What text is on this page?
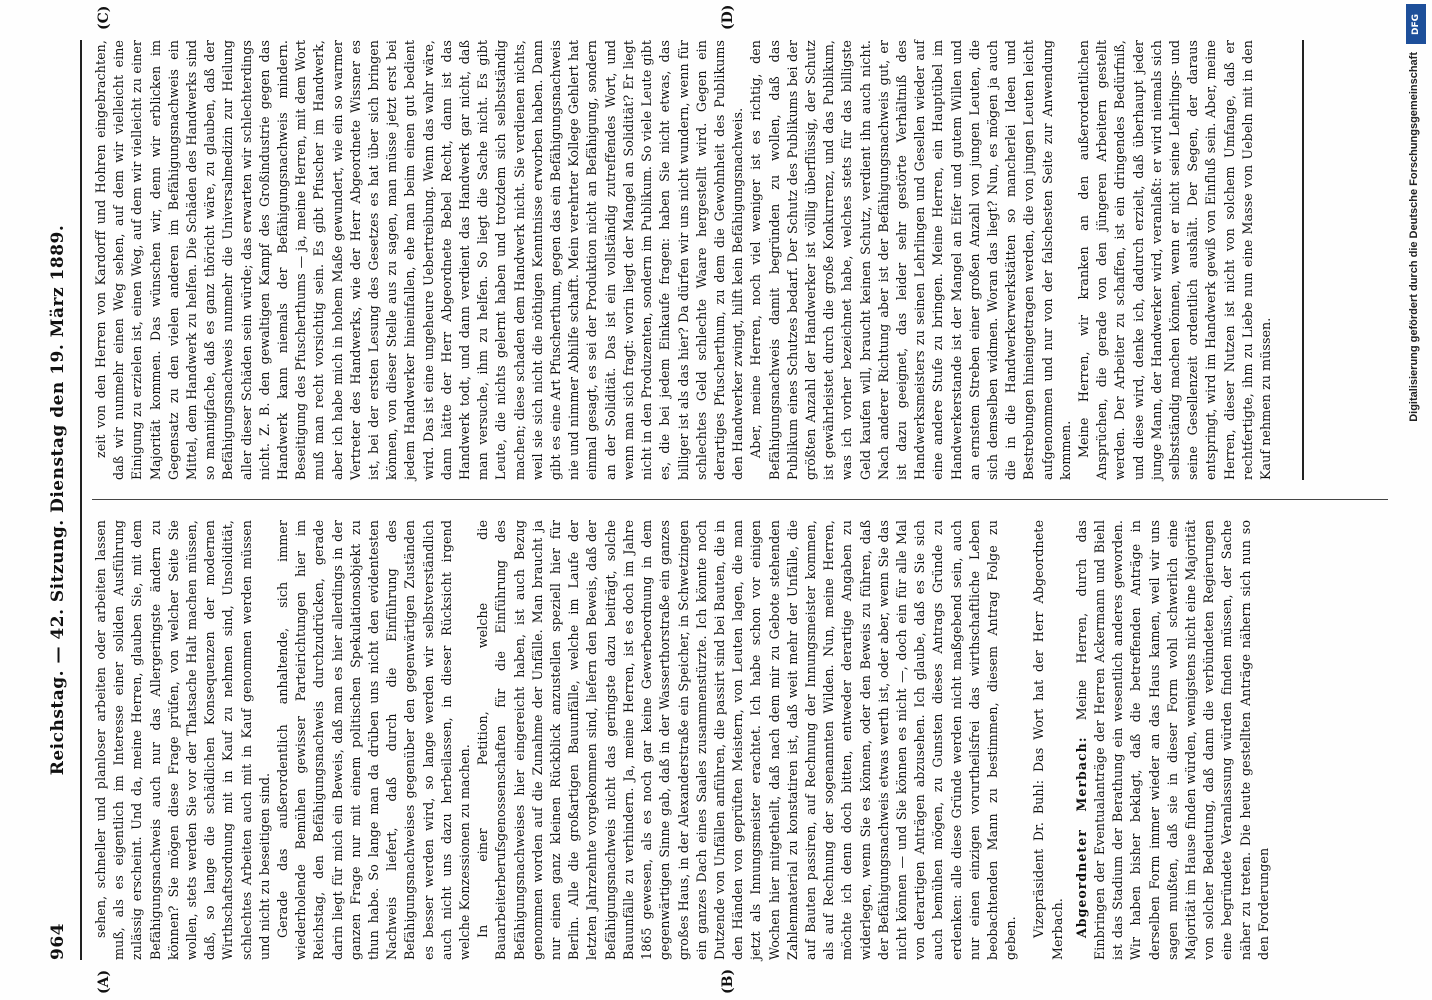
964
Reichstag. — 42. Sitzung. Dienstag den 19. März 1889.
(A)	(B)
(C)	(D)

sehen, schneller und planloser arbeiten oder arbeiten lassen muß, als es eigentlich im Interesse einer soliden Ausführung zulässig erscheint. Und da, meine Herren, glauben Sie, mit dem Befähigungsnachweis auch nur das Allergeringste ändern zu können? Sie mögen diese Frage prüfen, von welcher Seite Sie wollen, stets werden Sie vor der Thatsache Halt machen müssen, daß, so lange die schädlichen Konsequenzen der modernen Wirthschaftsordnung mit in Kauf zu nehmen sind, Unsolidität, schlechtes Arbeiten auch mit in Kauf genommen werden müssen und nicht zu beseitigen sind. Gerade das außerordentlich anhaltende, sich immer wiederholende Bemühen gewisser Parteirichtungen hier im Reichstag, den Befähigungsnachweis durchzudrücken, gerade darin liegt für mich ein Beweis, daß man es hier allerdings in der ganzen Frage nur mit einem politischen Spekulationsobjekt zu thun habe. So lange man da drüben uns nicht den evidentesten Nachweis liefert, daß durch die Einführung des Befähigungsnachweises gegenüber den gegenwärtigen Zuständen es besser werden wird, so lange werden wir selbstverständlich auch nicht uns dazu herbeilassen, in dieser Rücksicht irgend welche Konzessionen zu machen. In einer Petition, welche die Bauarbeiterberufsgenossenschaften für die Einführung des Befähigungsnachweises hier eingereicht haben, ist auch Bezug genommen worden auf die Zunahme der Unfälle. Man braucht ja nur einen ganz kleinen Rückblick anzustellen speziell hier für Berlin. Alle die großartigen Bauunfälle, welche im Laufe der letzten Jahrzehnte vorgekommen sind, liefern den Beweis, daß der Befähigungsnachweis nicht das geringste dazu beiträgt, solche Bauunfälle zu verhindern. Ja, meine Herren, ist es doch im Jahre 1865 gewesen, als es noch gar keine Gewerbeordnung in dem gegenwärtigen Sinne gab, daß in der Wasserthorstraße ein ganzes großes Haus, in der Alexanderstraße ein Speicher, in Schwetzingen ein ganzes Dach eines Saales zusammenstürzte. Ich könnte noch Dutzende von Unfällen anführen, die passirt sind bei Bauten, die in den Händen von geprüften Meistern, von Leuten lagen, die man jetzt als Innungsmeister erachtet. Ich habe schon vor einigen Wochen hier mitgetheilt, daß nach dem mir zu Gebote stehenden Zahlenmaterial zu konstatiren ist, daß weit mehr der Unfälle, die auf Bauten passiren, auf Rechnung der Innungsmeister kommen, als auf Rechnung der sogenannten Wilden. Nun, meine Herren, möchte ich denn doch bitten, entweder derartige Angaben zu widerlegen, wenn Sie es können, oder den Beweis zu führen, daß der Befähigungsnachweis etwas werth ist, oder aber, wenn Sie das nicht können — und Sie können es nicht —, doch ein für alle Mal von derartigen Anträgen abzusehen. Ich glaube, daß es Sie sich auch bemühen mögen, zu Gunsten dieses Antrags Gründe zu erdenken: alle diese Gründe werden nicht maßgebend sein, auch nur einen einzigen vorurtheilsfrei das wirthschaftliche Leben beobachtenden Mann zu bestimmen, diesem Antrag Folge zu geben.

Vizepräsident Dr. Buhl: Das Wort hat der Herr Abgeordnete Merbach. Abgeordneter Merbach: Meine Herren, durch das Einbringen der Eventualanträge der Herren Ackermann und Biehl ist das Stadium der Berathung ein wesentlich anderes geworden. Wir haben bisher beklagt, daß die betreffenden Anträge in derselben Form immer wieder an das Haus kamen, weil wir uns sagen mußten, daß sie in dieser Form wohl schwerlich eine Majorität im Hause finden würden, wenigstens nicht eine Majorität von solcher Bedeutung, daß dann die verbündeten Regierungen eine begründete Veranlassung würden finden müssen, der Sache näher zu treten. Die heute gestellten Anträge nähern sich nun so den Forderungen

zeit von den Herren von Kardorff und Hohren eingebrachten, daß wir nunmehr einen Weg sehen, auf dem wir vielleicht eine Einigung zu erzielen ist, einen Weg, auf dem wir vielleicht zu einer Majorität kommen. Das wünschen wir, denn wir erblicken im Gegensatz zu den vielen anderen im Befähigungsnachweis ein Mittel, dem Handwerk zu helfen. Die Schäden des Handwerks sind so mannigfache, daß es ganz thöricht wäre, zu glauben, daß der Befähigungsnachweis nunmehr die Universalmedizin zur Heilung aller dieser Schäden sein würde; das erwarten wir schlechterdings nicht. Z. B. den gewaltigen Kampf des Großindustrie gegen das Handwerk kann niemals der Befähigungsnachweis mindern. Beseitigung des Pfuscherthums — ja, meine Herren, mit dem Wort muß man recht vorsichtig sein. Es gibt Pfuscher im Handwerk, aber ich habe mich in hohem Maße gewundert, wie ein so warmer Vertreter des Handwerks, wie der Herr Abgeordnete Wissner es ist, bei der ersten Lesung des Gesetzes es hat über sich bringen können, von dieser Stelle aus zu sagen, man müsse jetzt erst bei jedem Handwerker hineinfallen, ehe man beim einen gut bedient wird. Das ist eine ungeheure Uebertreibung. Wenn das wahr wäre, dann hätte der Herr Abgeordnete Bebel Recht, dann ist das Handwerk todt, und dann verdient das Handwerk gar nicht, daß man versuche, ihm zu helfen. So liegt die Sache nicht. Es gibt Leute, die nichts gelernt haben und trotzdem sich selbstständig machen; diese schaden dem Handwerk nicht. Sie verdienen nichts, weil sie sich nicht die nöthigen Kenntnisse erworben haben. Dann gibt es eine Art Pfuscherthum, gegen das ein Befähigungsnachweis nie und nimmer Abhilfe schafft. Mein verehrter Kollege Gehlert hat einmal gesagt, es sei der Produktion nicht an Befähigung, sondern an der Solidität. Das ist ein vollständig zutreffendes Wort, und wenn man sich fragt: worin liegt der Mangel an Solidität? Er liegt nicht in den Produzenten, sondern im Publikum. So viele Leute gibt es, die bei jedem Einkaufe fragen: haben Sie nicht etwas, das billiger ist als das hier? Da dürfen wir uns nicht wundern, wenn für schlechtes Geld schlechte Waare hergestellt wird. Gegen ein derartiges Pfuscherthum, zu dem die Gewohnheit des Publikums den Handwerker zwingt, hilft kein Befähigungsnachweis. Aber, meine Herren, noch viel weniger ist es richtig, den Befähigungsnachweis damit begründen zu wollen, daß das Publikum eines Schutzes bedarf. Der Schutz des Publikums bei der größten Anzahl der Handwerker ist völlig überflüssig, der Schutz ist gewährleistet durch die große Konkurrenz, und das Publikum, was ich vorher bezeichnet habe, welches stets für das billigste Geld kaufen will, braucht keinen Schutz, verdient ihn auch nicht. Nach anderer Richtung aber ist der Befähigungsnachweis gut, er ist dazu geeignet, das leider sehr gestörte Verhältniß des Handwerksmeisters zu seinen Lehrlingen und Gesellen wieder auf eine andere Stufe zu bringen. Meine Herren, ein Hauptübel im Handwerkerstande ist der Mangel an Eifer und gutem Willen und an ernstem Streben einer großen Anzahl von jungen Leuten, die sich demselben widmen. Woran das liegt? Nun, es mögen ja auch die in die Handwerkerwerkstätten so mancherlei Ideen und Bestrebungen hineingetragen werden, die von jungen Leuten leicht aufgenommen und nur von der falschesten Seite zur Anwendung kommen. Meine Herren, wir kranken an den außerordentlichen Ansprüchen, die gerade von den jüngeren Arbeitern gestellt werden. Der Arbeiter zu schaffen, ist ein dringendes Bedürfniß, und diese wird, denke ich, dadurch erzielt, daß überhaupt jeder junge Mann, der Handwerker wird, veranlaßt: er wird niemals sich selbstständig machen können, wenn er nicht seine Lehrlings- und seine Gesellenzeit ordentlich aushält. Der Segen, der daraus entspringt, wird im Handwerk gewiß von Einfluß sein. Aber, meine Herren, dieser Nutzen ist nicht von solchem Umfange, daß er rechtfertigte, ihm zu Liebe nun eine Masse von Uebeln mit in den Kauf nehmen zu müssen.

DFG
Digitalisierung gefördert durch die Deutsche Forschungsgemeinschaft
